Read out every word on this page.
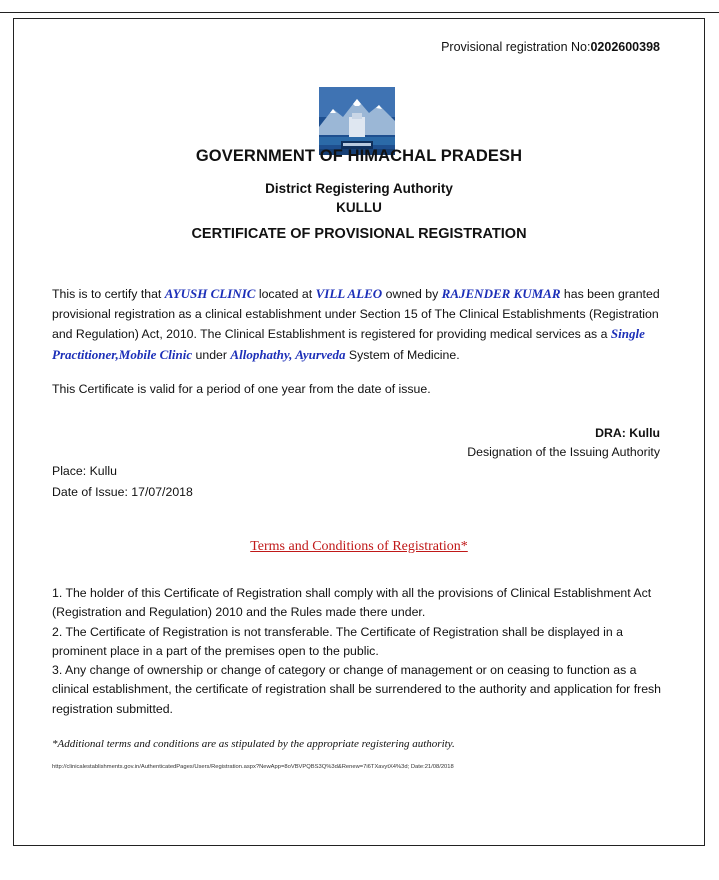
Provisional registration No:0202600398
GOVERNMENT OF HIMACHAL PRADESH
District Registering Authority
KULLU
CERTIFICATE OF PROVISIONAL REGISTRATION
This is to certify that AYUSH CLINIC located at VILL ALEO owned by RAJENDER KUMAR has been granted provisional registration as a clinical establishment under Section 15 of The Clinical Establishments (Registration and Regulation) Act, 2010. The Clinical Establishment is registered for providing medical services as a Single Practitioner,Mobile Clinic under Allophathy, Ayurveda System of Medicine.
This Certificate is valid for a period of one year from the date of issue.
DRA: Kullu
Designation of the Issuing Authority
Place: Kullu
Date of Issue: 17/07/2018
Terms and Conditions of Registration*
1. The holder of this Certificate of Registration shall comply with all the provisions of Clinical Establishment Act (Registration and Regulation) 2010 and the Rules made there under.
2. The Certificate of Registration is not transferable. The Certificate of Registration shall be displayed in a prominent place in a part of the premises open to the public.
3. Any change of ownership or change of category or change of management or on ceasing to function as a clinical establishment, the certificate of registration shall be surrendered to the authority and application for fresh registration submitted.
*Additional terms and conditions are as stipulated by the appropriate registering authority.
http://clinicalestablishments.gov.in/AuthenticatedPages/Users/Registration.aspx?NewApp=8oVBVPQBS3Q%3d&Renew=7i6TXavytX4%3d; Date:21/08/2018
